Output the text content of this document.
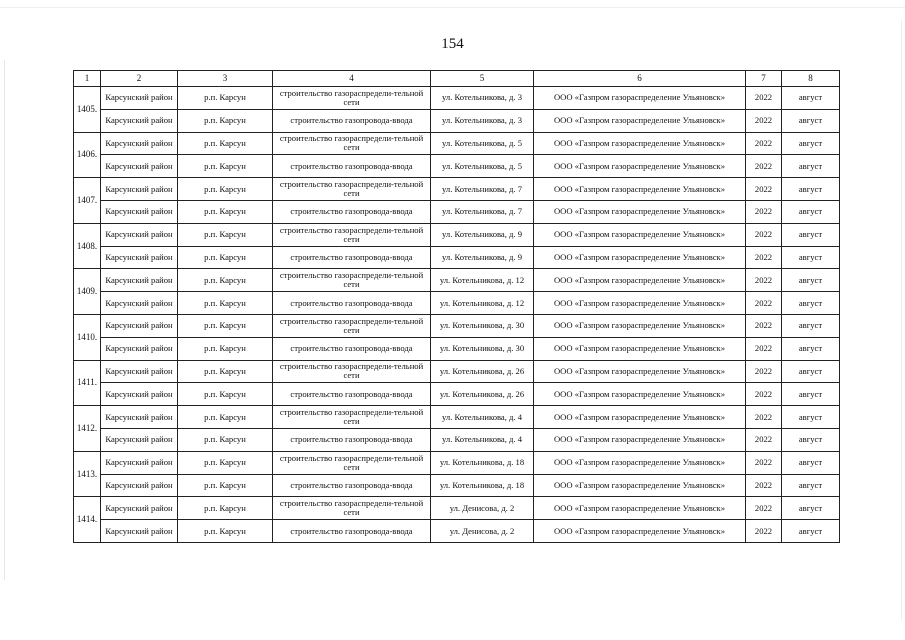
154
1	2	3	4	5	6	7	8
1405.	Карсунский район	р.п. Карсун	строительство газораспредели-тельной сети	ул. Котельникова, д. 3	ООО «Газпром газораспределение Ульяновск»	2022	август
	Карсунский район	р.п. Карсун	строительство газопровода-ввода	ул. Котельникова, д. 3	ООО «Газпром газораспределение Ульяновск»	2022	август
1406.	Карсунский район	р.п. Карсун	строительство газораспредели-тельной сети	ул. Котельникова, д. 5	ООО «Газпром газораспределение Ульяновск»	2022	август
	Карсунский район	р.п. Карсун	строительство газопровода-ввода	ул. Котельникова, д. 5	ООО «Газпром газораспределение Ульяновск»	2022	август
1407.	Карсунский район	р.п. Карсун	строительство газораспредели-тельной сети	ул. Котельникова, д. 7	ООО «Газпром газораспределение Ульяновск»	2022	август
	Карсунский район	р.п. Карсун	строительство газопровода-ввода	ул. Котельникова, д. 7	ООО «Газпром газораспределение Ульяновск»	2022	август
1408.	Карсунский район	р.п. Карсун	строительство газораспредели-тельной сети	ул. Котельникова, д. 9	ООО «Газпром газораспределение Ульяновск»	2022	август
	Карсунский район	р.п. Карсун	строительство газопровода-ввода	ул. Котельникова, д. 9	ООО «Газпром газораспределение Ульяновск»	2022	август
1409.	Карсунский район	р.п. Карсун	строительство газораспредели-тельной сети	ул. Котельникова, д. 12	ООО «Газпром газораспределение Ульяновск»	2022	август
	Карсунский район	р.п. Карсун	строительство газопровода-ввода	ул. Котельникова, д. 12	ООО «Газпром газораспределение Ульяновск»	2022	август
1410.	Карсунский район	р.п. Карсун	строительство газораспредели-тельной сети	ул. Котельникова, д. 30	ООО «Газпром газораспределение Ульяновск»	2022	август
	Карсунский район	р.п. Карсун	строительство газопровода-ввода	ул. Котельникова, д. 30	ООО «Газпром газораспределение Ульяновск»	2022	август
1411.	Карсунский район	р.п. Карсун	строительство газораспредели-тельной сети	ул. Котельникова, д. 26	ООО «Газпром газораспределение Ульяновск»	2022	август
	Карсунский район	р.п. Карсун	строительство газопровода-ввода	ул. Котельникова, д. 26	ООО «Газпром газораспределение Ульяновск»	2022	август
1412.	Карсунский район	р.п. Карсун	строительство газораспредели-тельной сети	ул. Котельникова, д. 4	ООО «Газпром газораспределение Ульяновск»	2022	август
	Карсунский район	р.п. Карсун	строительство газопровода-ввода	ул. Котельникова, д. 4	ООО «Газпром газораспределение Ульяновск»	2022	август
1413.	Карсунский район	р.п. Карсун	строительство газораспредели-тельной сети	ул. Котельникова, д. 18	ООО «Газпром газораспределение Ульяновск»	2022	август
	Карсунский район	р.п. Карсун	строительство газопровода-ввода	ул. Котельникова, д. 18	ООО «Газпром газораспределение Ульяновск»	2022	август
1414.	Карсунский район	р.п. Карсун	строительство газораспредели-тельной сети	ул. Денисова, д. 2	ООО «Газпром газораспределение Ульяновск»	2022	август
	Карсунский район	р.п. Карсун	строительство газопровода-ввода	ул. Денисова, д. 2	ООО «Газпром газораспределение Ульяновск»	2022	август
